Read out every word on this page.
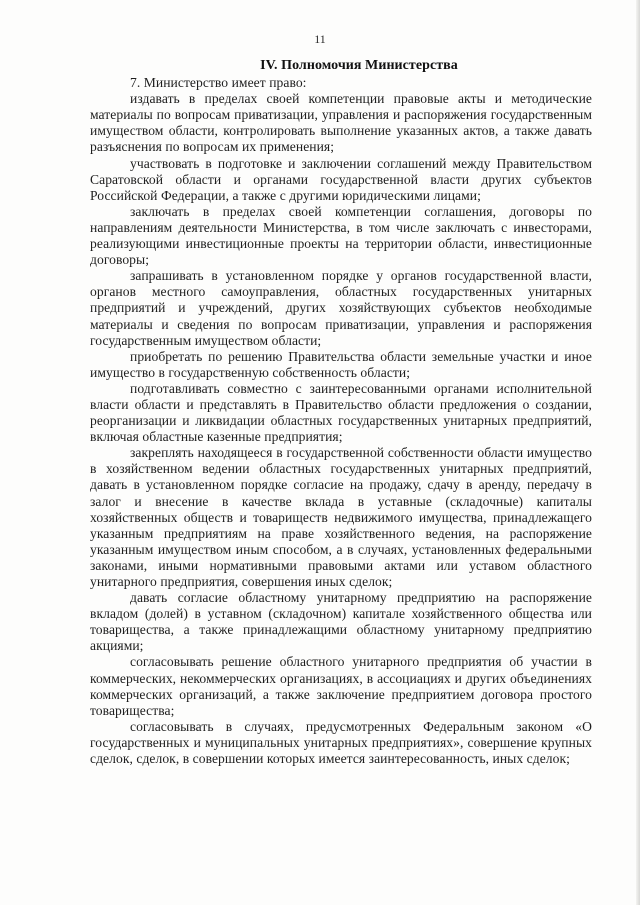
11

IV. Полномочия Министерства

7. Министерство имеет право:

издавать в пределах своей компетенции правовые акты и методические материалы по вопросам приватизации, управления и распоряжения государственным имуществом области, контролировать выполнение указанных актов, а также давать разъяснения по вопросам их применения;

участвовать в подготовке и заключении соглашений между Правительством Саратовской области и органами государственной власти других субъектов Российской Федерации, а также с другими юридическими лицами;

заключать в пределах своей компетенции соглашения, договоры по направлениям деятельности Министерства, в том числе заключать с инвесторами, реализующими инвестиционные проекты на территории области, инвестиционные договоры;

запрашивать в установленном порядке у органов государственной власти, органов местного самоуправления, областных государственных унитарных предприятий и учреждений, других хозяйствующих субъектов необходимые материалы и сведения по вопросам приватизации, управления и распоряжения государственным имуществом области;

приобретать по решению Правительства области земельные участки и иное имущество в государственную собственность области;

подготавливать совместно с заинтересованными органами исполнительной власти области и представлять в Правительство области предложения о создании, реорганизации и ликвидации областных государственных унитарных предприятий, включая областные казенные предприятия;

закреплять находящееся в государственной собственности области имущество в хозяйственном ведении областных государственных унитарных предприятий, давать в установленном порядке согласие на продажу, сдачу в аренду, передачу в залог и внесение в качестве вклада в уставные (складочные) капиталы хозяйственных обществ и товариществ недвижимого имущества, принадлежащего указанным предприятиям на праве хозяйственного ведения, на распоряжение указанным имуществом иным способом, а в случаях, установленных федеральными законами, иными нормативными правовыми актами или уставом областного унитарного предприятия, совершения иных сделок;

давать согласие областному унитарному предприятию на распоряжение вкладом (долей) в уставном (складочном) капитале хозяйственного общества или товарищества, а также принадлежащими областному унитарному предприятию акциями;

согласовывать решение областного унитарного предприятия об участии в коммерческих, некоммерческих организациях, в ассоциациях и других объединениях коммерческих организаций, а также заключение предприятием договора простого товарищества;

согласовывать в случаях, предусмотренных Федеральным законом «О государственных и муниципальных унитарных предприятиях», совершение крупных сделок, сделок, в совершении которых имеется заинтересованность, иных сделок;
